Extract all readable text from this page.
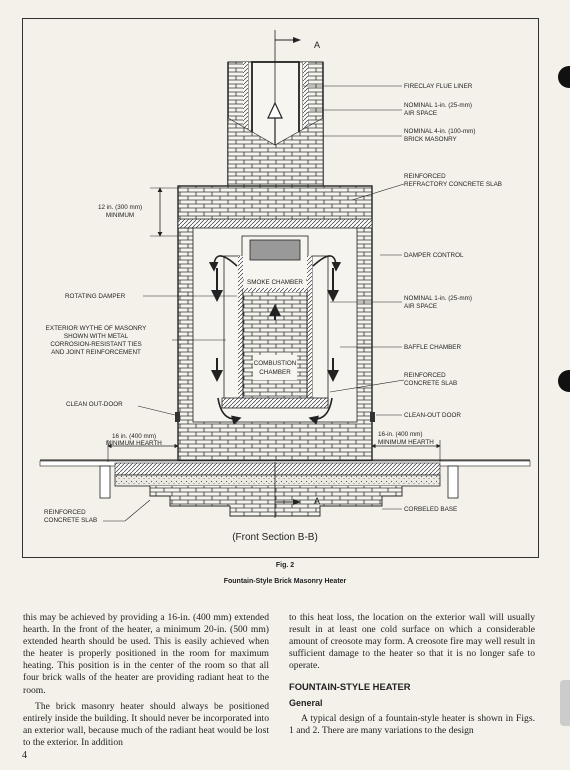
A
A
FIRECLAY FLUE LINER
NOMINAL 1-in. (25-mm)
AIR SPACE
NOMINAL 4-in. (100-mm)
BRICK MASONRY
REINFORCED
REFRACTORY CONCRETE SLAB
DAMPER CONTROL
NOMINAL 1-in. (25-mm)
AIR SPACE
BAFFLE CHAMBER
REINFORCED
CONCRETE SLAB
CLEAN-OUT DOOR
16-in. (400 mm)
MINIMUM HEARTH
CORBELED BASE
12 in. (300 mm)
MINIMUM
ROTATING DAMPER
EXTERIOR WYTHE OF MASONRY
SHOWN WITH METAL
CORROSION-RESISTANT TIES
AND JOINT REINFORCEMENT
CLEAN OUT-DOOR
16 in. (400 mm)
MINIMUM HEARTH
REINFORCED
CONCRETE SLAB
SMOKE CHAMBER
COMBUSTION
CHAMBER
(Front Section B-B)
Fig. 2
Fountain-Style Brick Masonry Heater

this may be achieved by providing a 16-in. (400 mm) extended hearth. In the front of the heater, a minimum 20-in. (500 mm) extended hearth should be used. This is easily achieved when the heater is properly positioned in the room for maximum heating. This position is in the center of the room so that all four brick walls of the heater are providing radiant heat to the room.

The brick masonry heater should always be positioned entirely inside the building. It should never be incorporated into an exterior wall, because much of the radiant heat would be lost to the exterior. In addition

to this heat loss, the location on the exterior wall will usually result in at least one cold surface on which a considerable amount of creosote may form. A creosote fire may well result in sufficient damage to the heater so that it is no longer safe to operate.

FOUNTAIN-STYLE HEATER
General

A typical design of a fountain-style heater is shown in Figs. 1 and 2. There are many variations to the design

4
